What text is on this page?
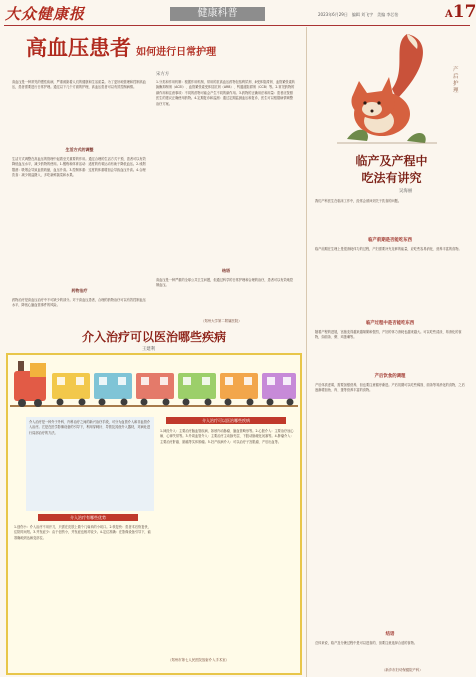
大众健康报	健康科普	2023年6月29日　编辑 刘飞宇　美编 李芯怡	A17
高血压患者 如何进行日常护理
宋方方
高血压是一种常见的慢性疾病，严重威胁着人们的健康和生活质量。为了更好地管理和控制高血压，患者需要进行日常护理。通过以下几个方面的护理，高血压患者可以有效控制病情。
生活方式的调整
生活方式调整在高血压的管理中起着至关重要的作用。通过合理的生活方式干预，患者可以有效降低血压水平，减少药物的使用。1.锻炼和体育活动：适度的有氧运动有助于降低血压。2.戒烟限酒：吸烟会导致血管收缩，血压升高。3.控制体重：过度的体重增加会导致血压升高。4.合理饮食：减少钠盐摄入，多吃新鲜蔬菜和水果。
药物治疗
药物治疗是高血压治疗中不可缺少的部分。对于高血压患者，合理的药物治疗可以有效控制血压水平，降低心脑血管事件的风险。
1.分类和作用机制：根据作用机制，常用的抗高血压药物包括利尿剂、β受体阻滞剂、血管紧张素转换酶抑制剂（ACEI）、血管紧张素受体拮抗剂（ARB）、钙通道阻滞剂（CCB）等。2.常见药物的副作用和注意事项：不同的药物可能会产生不同的副作用。3.药物的正确用法和用量：患者应按照医生的建议正确使用药物。4.定期复诊和监测：通过定期监测血压和复诊，医生可以根据病情调整治疗方案。
结语
高血压是一种严重的全球公共卫生问题，但通过科学的日常护理和合理的治疗，患者可以有效地控制血压。
（郑州大学第二附属医院）
产后护理
临产及产程中
吃法有讲究
吴海丽
我们产科医生在临床工作中，经常会被问到关于饮食的问题。
临产前期是否能吃东西
临产前期在生理上是很消耗体力的过程，产妇需要补充足够的能量，应吃些容易消化、营养丰富的食物。
临产过程中是否能吃东西
随着产程的进展，宫缩变得越来越频繁和强烈，产妇的体力消耗也越来越大。可以吃些清淡、易消化的食物，如面条、粥、鸡蛋羹等。
产后饮食的调理
产后体质虚弱，需要加强营养，但也要注意循序渐进。产后初期可以吃些稀饭、面条等易消化的食物，之后逐渐增加鱼、肉、蛋等营养丰富的食物。
结语
总体来说，临产及分娩过程中是可以进食的，但要注意选择合适的食物。
（新乡市妇幼保健院产科）
介入治疗可以医治哪些疾病
王建利
介入治疗是一种介于外科、内科治疗之间的新兴治疗手段，可分为血管介入和非血管介入治疗。它是在医学影像设备的引导下，利用穿刺针、导管及其他介入器材，对病灶进行局部治疗的方法。
介入治疗有哪些优势
1.创伤小：介入治疗不用开刀，只需在皮肤上做个几毫米的小切口。2.恢复快：患者术后恢复快，住院时间短。3.并发症少：由于创伤小，并发症也相对较少。4.定位准确：在影像设备引导下，能准确地到达病变部位。
介入治疗可以医治哪些疾病
1.神经介入：主要治疗脑血管疾病，如颅内动脉瘤、脑血管畸形等。2.心脏介入：主要治疗冠心病、心律失常等。3.外周血管介入：主要治疗主动脉夹层、下肢动脉硬化闭塞等。4.肿瘤介入：主要治疗肝癌、肺癌等实体肿瘤。5.妇产疾病介入：可以治疗子宫肌瘤、产后出血等。
（郑州市第七人民医院放射介入手术室）
